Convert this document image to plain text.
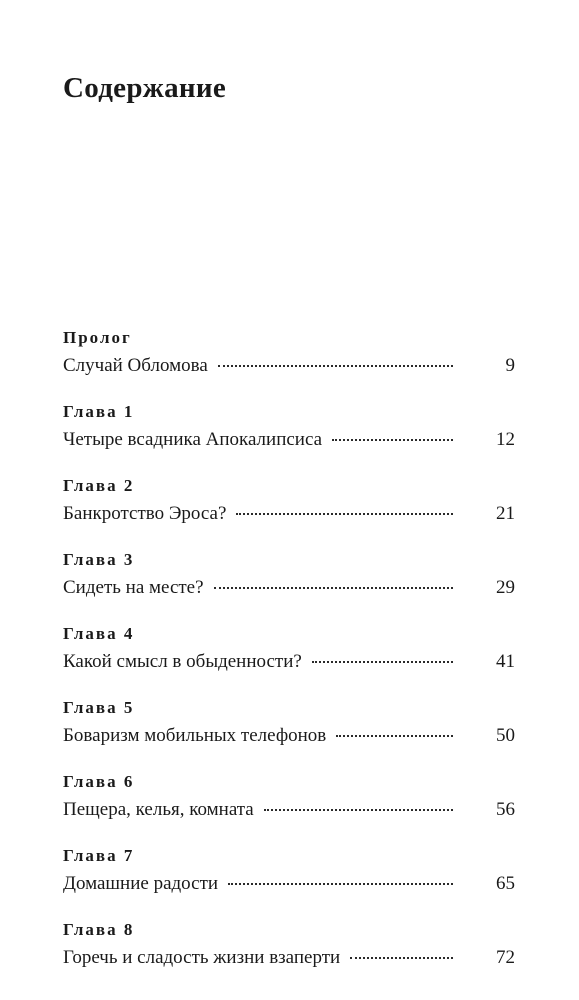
Содержание
Пролог
Случай Обломова	9
Глава 1
Четыре всадника Апокалипсиса	12
Глава 2
Банкротство Эроса?	21
Глава 3
Сидеть на месте?	29
Глава 4
Какой смысл в обыденности?	41
Глава 5
Боваризм мобильных телефонов	50
Глава 6
Пещера, келья, комната	56
Глава 7
Домашние радости	65
Глава 8
Горечь и сладость жизни взаперти	72
